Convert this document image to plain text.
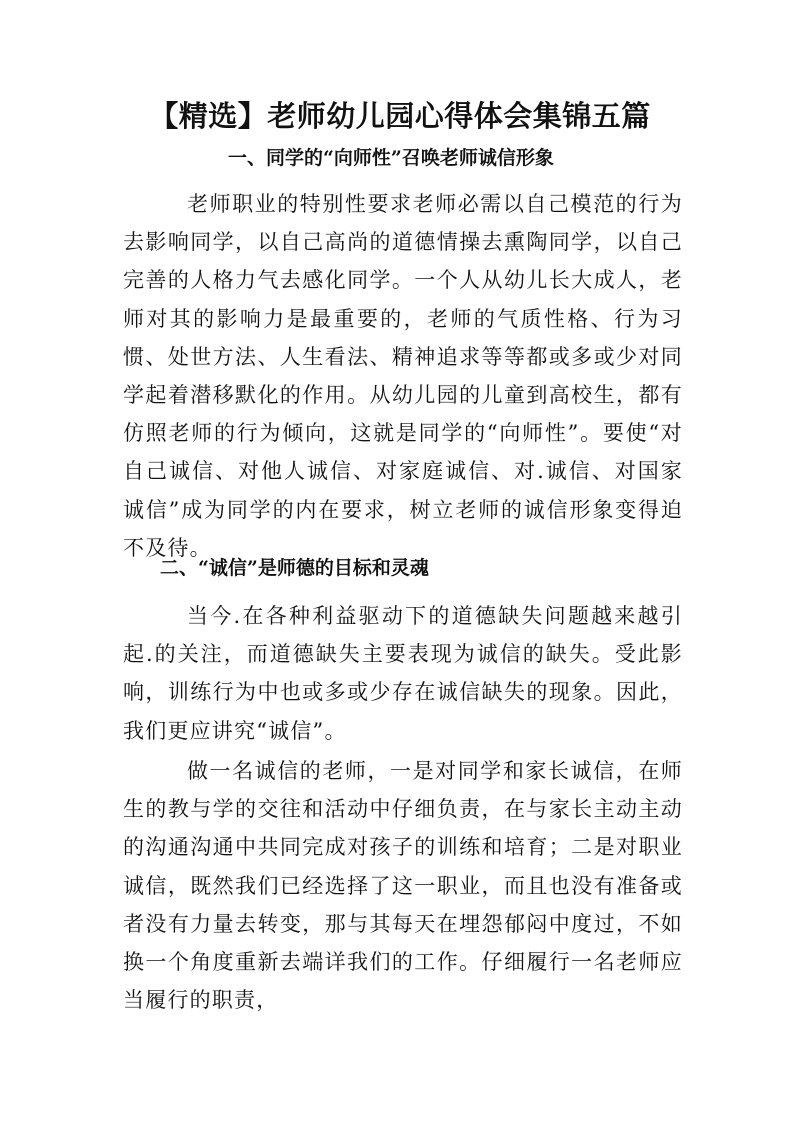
【精选】老师幼儿园心得体会集锦五篇
一、同学的“向师性”召唤老师诚信形象

老师职业的特别性要求老师必需以自己模范的行为去影响同学，以自己高尚的道德情操去熏陶同学，以自己完善的人格力气去感化同学。一个人从幼儿长大成人，老师对其的影响力是最重要的，老师的气质性格、行为习惯、处世方法、人生看法、精神追求等等都或多或少对同学起着潜移默化的作用。从幼儿园的儿童到高校生，都有仿照老师的行为倾向，这就是同学的“向师性”。要使“对自己诚信、对他人诚信、对家庭诚信、对.诚信、对国家诚信”成为同学的内在要求，树立老师的诚信形象变得迫不及待。

二、“诚信”是师德的目标和灵魂

当今.在各种利益驱动下的道德缺失问题越来越引起.的关注，而道德缺失主要表现为诚信的缺失。受此影响，训练行为中也或多或少存在诚信缺失的现象。因此，我们更应讲究“诚信”。

做一名诚信的老师，一是对同学和家长诚信，在师生的教与学的交往和活动中仔细负责，在与家长主动主动的沟通沟通中共同完成对孩子的训练和培育；二是对职业诚信，既然我们已经选择了这一职业，而且也没有准备或者没有力量去转变，那与其每天在埋怨郁闷中度过，不如换一个角度重新去端详我们的工作。仔细履行一名老师应当履行的职责，
